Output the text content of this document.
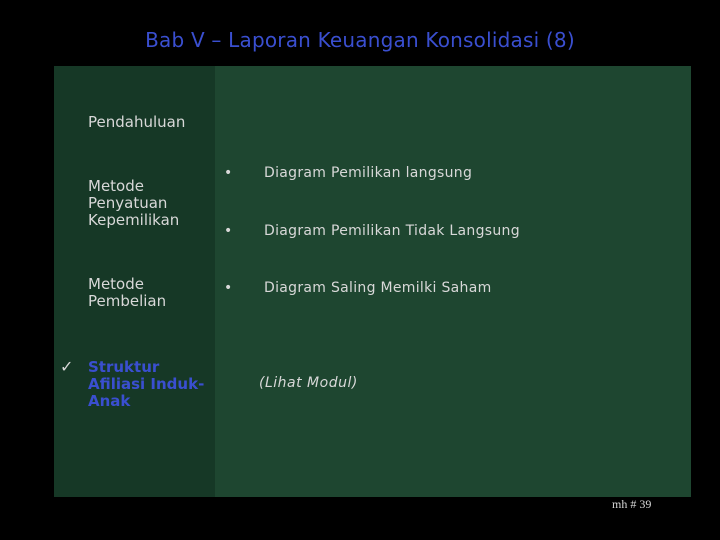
Bab V – Laporan Keuangan Konsolidasi (8)
Pendahuluan
Metode Penyatuan Kepemilikan
Metode Pembelian
✓ Struktur Afiliasi Induk-Anak
• Diagram Pemilikan langsung
• Diagram Pemilikan Tidak Langsung
• Diagram Saling Memilki Saham
(Lihat Modul)
mh # 39
